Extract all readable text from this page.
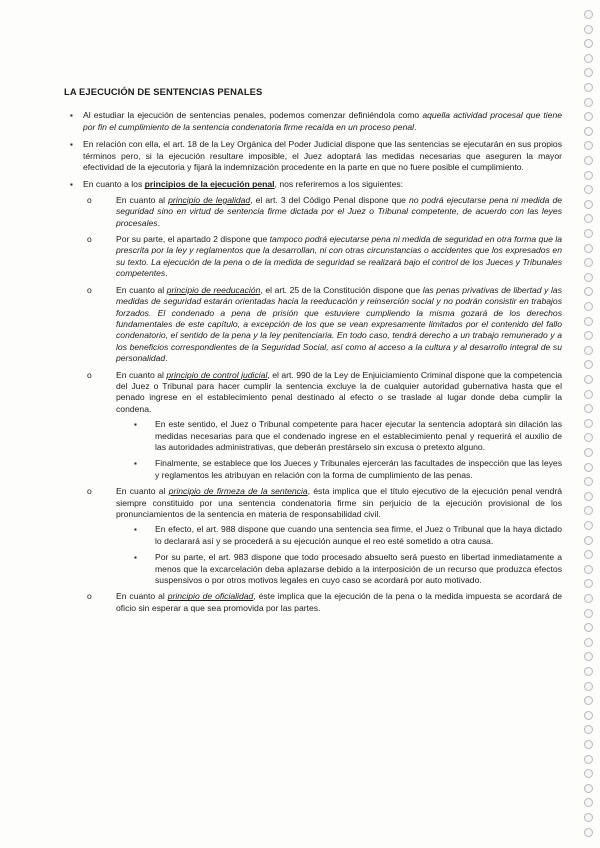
LA EJECUCIÓN DE SENTENCIAS PENALES
▪ Al estudiar la ejecución de sentencias penales, podemos comenzar definiéndola como aquella actividad procesal que tiene por fin el cumplimiento de la sentencia condenatoria firme recaída en un proceso penal.

▪ En relación con ella, el art. 18 de la Ley Orgánica del Poder Judicial dispone que las sentencias se ejecutarán en sus propios términos pero, si la ejecución resultare imposible, el Juez adoptará las medidas necesarias que aseguren la mayor efectividad de la ejecutoria y fijará la indemnización procedente en la parte en que no fuere posible el cumplimiento.

▪ En cuanto a los principios de la ejecución penal, nos referiremos a los siguientes:

o	En cuanto al principio de legalidad, el art. 3 del Código Penal dispone que no podrá ejecutarse pena ni medida de seguridad sino en virtud de sentencia firme dictada por el Juez o Tribunal competente, de acuerdo con las leyes procesales.

o	Por su parte, el apartado 2 dispone que tampoco podrá ejecutarse pena ni medida de seguridad en otra forma que la prescrita por la ley y reglamentos que la desarrollan, ni con otras circunstancias o accidentes que los expresados en su texto. La ejecución de la pena o de la medida de seguridad se realizará bajo el control de los Jueces y Tribunales competentes.

o	En cuanto al principio de reeducación, el art. 25 de la Constitución dispone que las penas privativas de libertad y las medidas de seguridad estarán orientadas hacia la reeducación y reinserción social y no podrán consistir en trabajos forzados. El condenado a pena de prisión que estuviere cumpliendo la misma gozará de los derechos fundamentales de este capítulo, a excepción de los que se vean expresamente limitados por el contenido del fallo condenatorio, el sentido de la pena y la ley penitenciaria. En todo caso, tendrá derecho a un trabajo remunerado y a los beneficios correspondientes de la Seguridad Social, así como al acceso a la cultura y al desarrollo integral de su personalidad.

o	En cuanto al principio de control judicial, el art. 990 de la Ley de Enjuiciamiento Criminal dispone que la competencia del Juez o Tribunal para hacer cumplir la sentencia excluye la de cualquier autoridad gubernativa hasta que el penado ingrese en el establecimiento penal destinado al efecto o se traslade al lugar donde deba cumplir la condena.

▪ En este sentido, el Juez o Tribunal competente para hacer ejecutar la sentencia adoptará sin dilación las medidas necesarias para que el condenado ingrese en el establecimiento penal y requerirá el auxilio de las autoridades administrativas, que deberán prestárselo sin excusa o pretexto alguno.

▪ Finalmente, se establece que los Jueces y Tribunales ejercerán las facultades de inspección que las leyes y reglamentos les atribuyan en relación con la forma de cumplimiento de las penas.

o	En cuanto al principio de firmeza de la sentencia, ésta implica que el título ejecutivo de la ejecución penal vendrá siempre constituido por una sentencia condenatoria firme sin perjuicio de la ejecución provisional de los pronunciamientos de la sentencia en materia de responsabilidad civil.

▪ En efecto, el art. 988 dispone que cuando una sentencia sea firme, el Juez o Tribunal que la haya dictado lo declarará así y se procederá a su ejecución aunque el reo esté sometido a otra causa.

▪ Por su parte, el art. 983 dispone que todo procesado absuelto será puesto en libertad inmediatamente a menos que la excarcelación deba aplazarse debido a la interposición de un recurso que produzca efectos suspensivos o por otros motivos legales en cuyo caso se acordará por auto motivado.

o	En cuanto al principio de oficialidad, éste implica que la ejecución de la pena o la medida impuesta se acordará de oficio sin esperar a que sea promovida por las partes.
